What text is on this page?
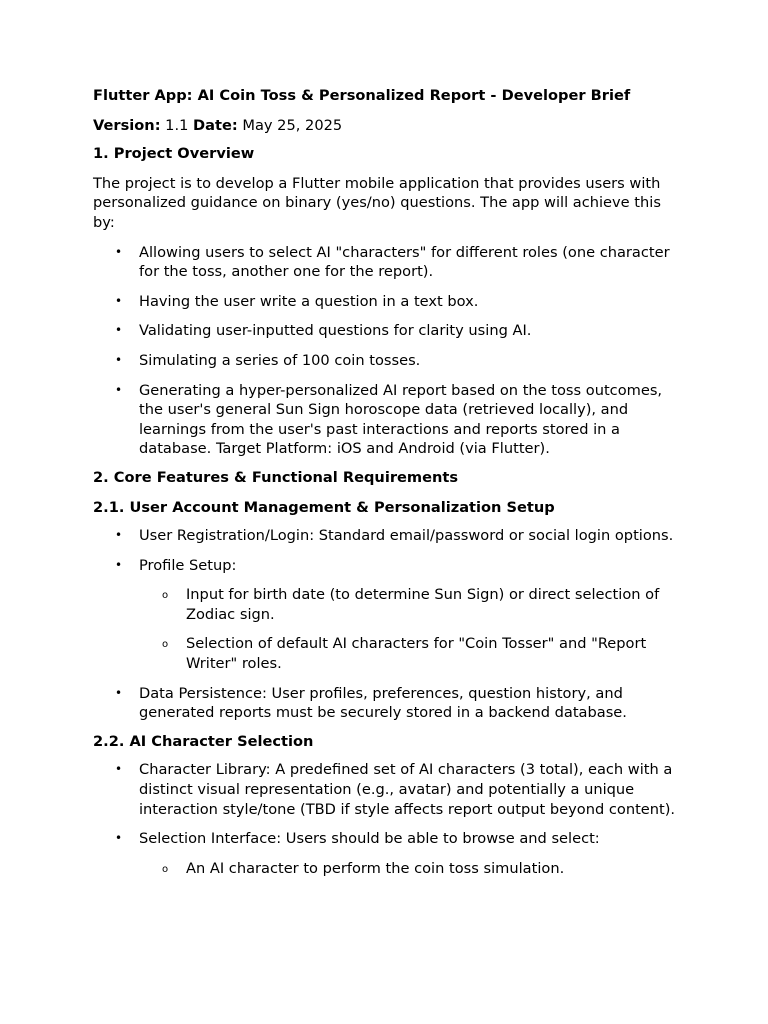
Flutter App: AI Coin Toss & Personalized Report - Developer Brief

Version: 1.1 Date: May 25, 2025

1. Project Overview

The project is to develop a Flutter mobile application that provides users with personalized guidance on binary (yes/no) questions. The app will achieve this by:

• Allowing users to select AI "characters" for different roles (one character for the toss, another one for the report).
• Having the user write a question in a text box.
• Validating user-inputted questions for clarity using AI.
• Simulating a series of 100 coin tosses.
• Generating a hyper-personalized AI report based on the toss outcomes, the user's general Sun Sign horoscope data (retrieved locally), and learnings from the user's past interactions and reports stored in a database. Target Platform: iOS and Android (via Flutter).
2. Core Features & Functional Requirements
2.1. User Account Management & Personalization Setup
• User Registration/Login: Standard email/password or social login options.
• Profile Setup:
o Input for birth date (to determine Sun Sign) or direct selection of Zodiac sign.
o Selection of default AI characters for "Coin Tosser" and "Report Writer" roles.
• Data Persistence: User profiles, preferences, question history, and generated reports must be securely stored in a backend database.
2.2. AI Character Selection
• Character Library: A predefined set of AI characters (3 total), each with a distinct visual representation (e.g., avatar) and potentially a unique interaction style/tone (TBD if style affects report output beyond content).
• Selection Interface: Users should be able to browse and select:
o An AI character to perform the coin toss simulation.
